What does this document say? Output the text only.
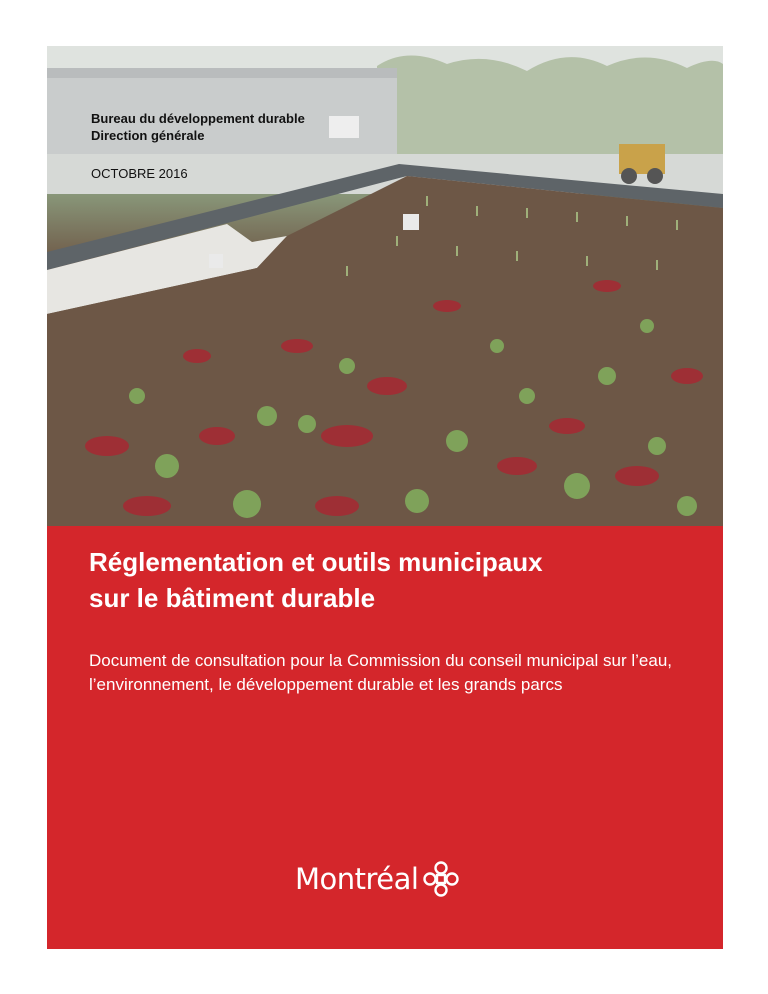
Bureau du développement durable
Direction générale
OCTOBRE 2016
Réglementation et outils municipaux
sur le bâtiment durable
Document de consultation pour la Commission du conseil municipal sur l’eau, l’environnement, le développement durable et les grands parcs
Montréal
